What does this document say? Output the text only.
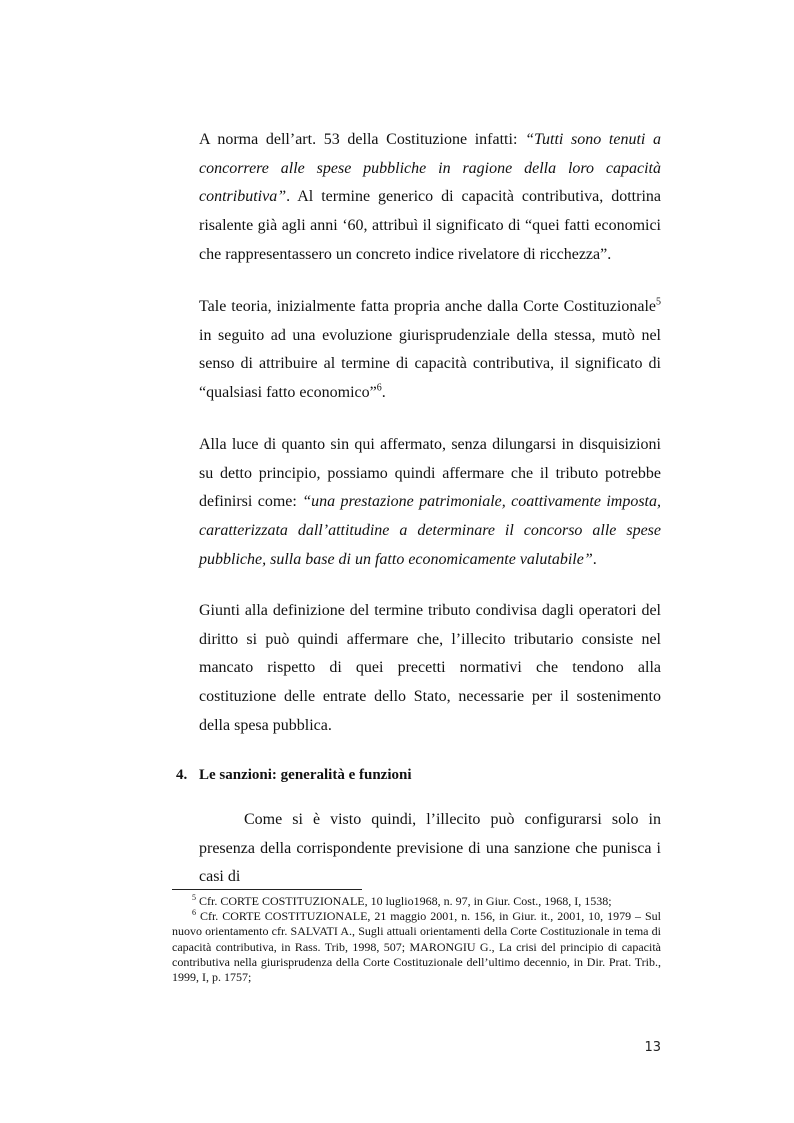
A norma dell’art. 53 della Costituzione infatti: “Tutti sono tenuti a concorrere alle spese pubbliche in ragione della loro capacità contributiva”. Al termine generico di capacità contributiva, dottrina risalente già agli anni ‘60, attribuì il significato di “quei fatti economici che rappresentassero un concreto indice rivelatore di ricchezza”.

Tale teoria, inizialmente fatta propria anche dalla Corte Costituzionale$^5$ in seguito ad una evoluzione giurisprudenziale della stessa, mutò nel senso di attribuire al termine di capacità contributiva, il significato di “qualsiasi fatto economico”$^6$.

Alla luce di quanto sin qui affermato, senza dilungarsi in disquisizioni su detto principio, possiamo quindi affermare che il tributo potrebbe definirsi come: “una prestazione patrimoniale, coattivamente imposta, caratterizzata dall’attitudine a determinare il concorso alle spese pubbliche, sulla base di un fatto economicamente valutabile”.

Giunti alla definizione del termine tributo condivisa dagli operatori del diritto si può quindi affermare che, l’illecito tributario consiste nel mancato rispetto di quei precetti normativi che tendono alla costituzione delle entrate dello Stato, necessarie per il sostenimento della spesa pubblica.

4. Le sanzioni: generalità e funzioni

Come si è visto quindi, l’illecito può configurarsi solo in presenza della corrispondente previsione di una sanzione che punisca i casi di

$^5$ Cfr. CORTE COSTITUZIONALE, 10 luglio1968, n. 97, in Giur. Cost., 1968, I, 1538;

$^6$ Cfr. CORTE COSTITUZIONALE, 21 maggio 2001, n. 156, in Giur. it., 2001, 10, 1979 – Sul nuovo orientamento cfr. SALVATI A., Sugli attuali orientamenti della Corte Costituzionale in tema di capacità contributiva, in Rass. Trib, 1998, 507; MARONGIU G., La crisi del principio di capacità contributiva nella giurisprudenza della Corte Costituzionale dell’ultimo decennio, in Dir. Prat. Trib., 1999, I, p. 1757;

13
